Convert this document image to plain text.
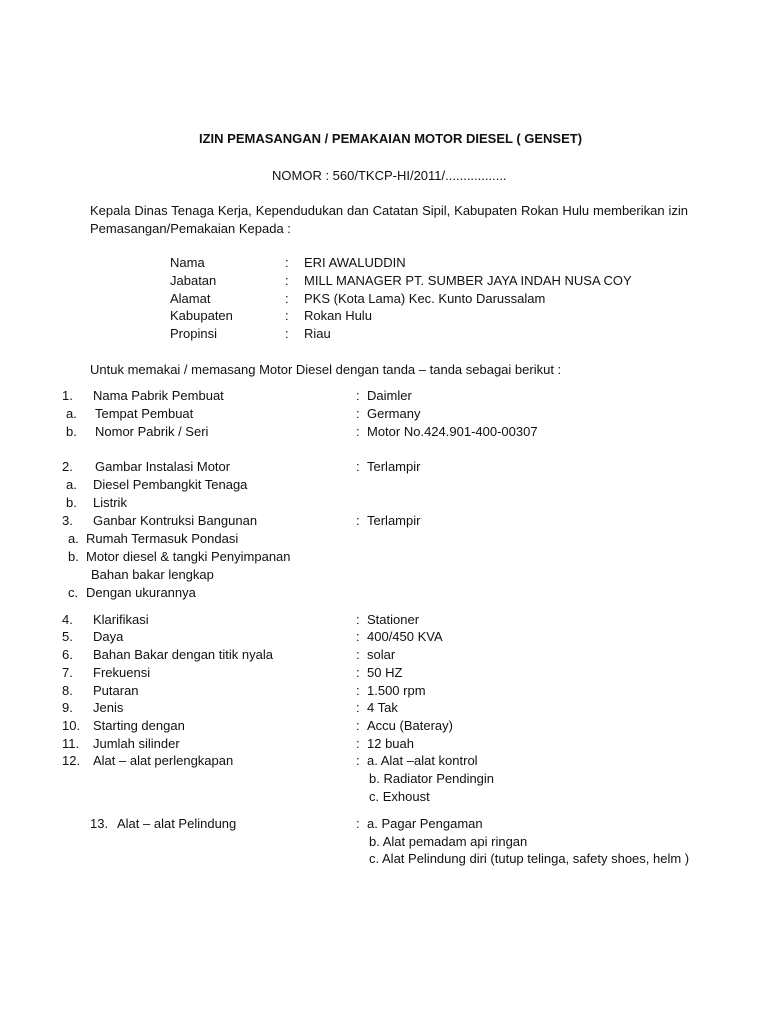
IZIN PEMASANGAN / PEMAKAIAN MOTOR DIESEL ( GENSET)
NOMOR : 560/TKCP-HI/2011/.................
Kepala Dinas Tenaga Kerja, Kependudukan dan Catatan Sipil, Kabupaten Rokan Hulu memberikan izin
Pemasangan/Pemakaian Kepada :
Nama	: ERI AWALUDDIN
Jabatan	: MILL MANAGER PT. SUMBER JAYA INDAH NUSA COY
Alamat	: PKS (Kota Lama) Kec. Kunto Darussalam
Kabupaten	: Rokan Hulu
Propinsi	: Riau
Untuk memakai / memasang Motor Diesel dengan tanda – tanda sebagai berikut :
1. Nama Pabrik Pembuat	: Daimler
a. Tempat Pembuat	: Germany
b. Nomor Pabrik / Seri	: Motor No.424.901-400-00307
2. Gambar Instalasi Motor	: Terlampir
a. Diesel Pembangkit Tenaga
b. Listrik
3. Ganbar Kontruksi Bangunan	: Terlampir
a. Rumah Termasuk Pondasi
b. Motor diesel & tangki Penyimpanan
Bahan bakar lengkap
c. Dengan ukurannya
4. Klarifikasi	: Stationer
5. Daya	: 400/450 KVA
6. Bahan Bakar dengan titik nyala	: solar
7. Frekuensi	: 50 HZ
8. Putaran	: 1.500 rpm
9. Jenis	: 4 Tak
10. Starting dengan	: Accu (Bateray)
11. Jumlah silinder	: 12 buah
12. Alat – alat perlengkapan	: a. Alat –alat kontrol
b. Radiator Pendingin
c. Exhoust
13. Alat – alat Pelindung	: a. Pagar Pengaman
b. Alat pemadam api ringan
c. Alat Pelindung diri (tutup telinga, safety shoes, helm )
